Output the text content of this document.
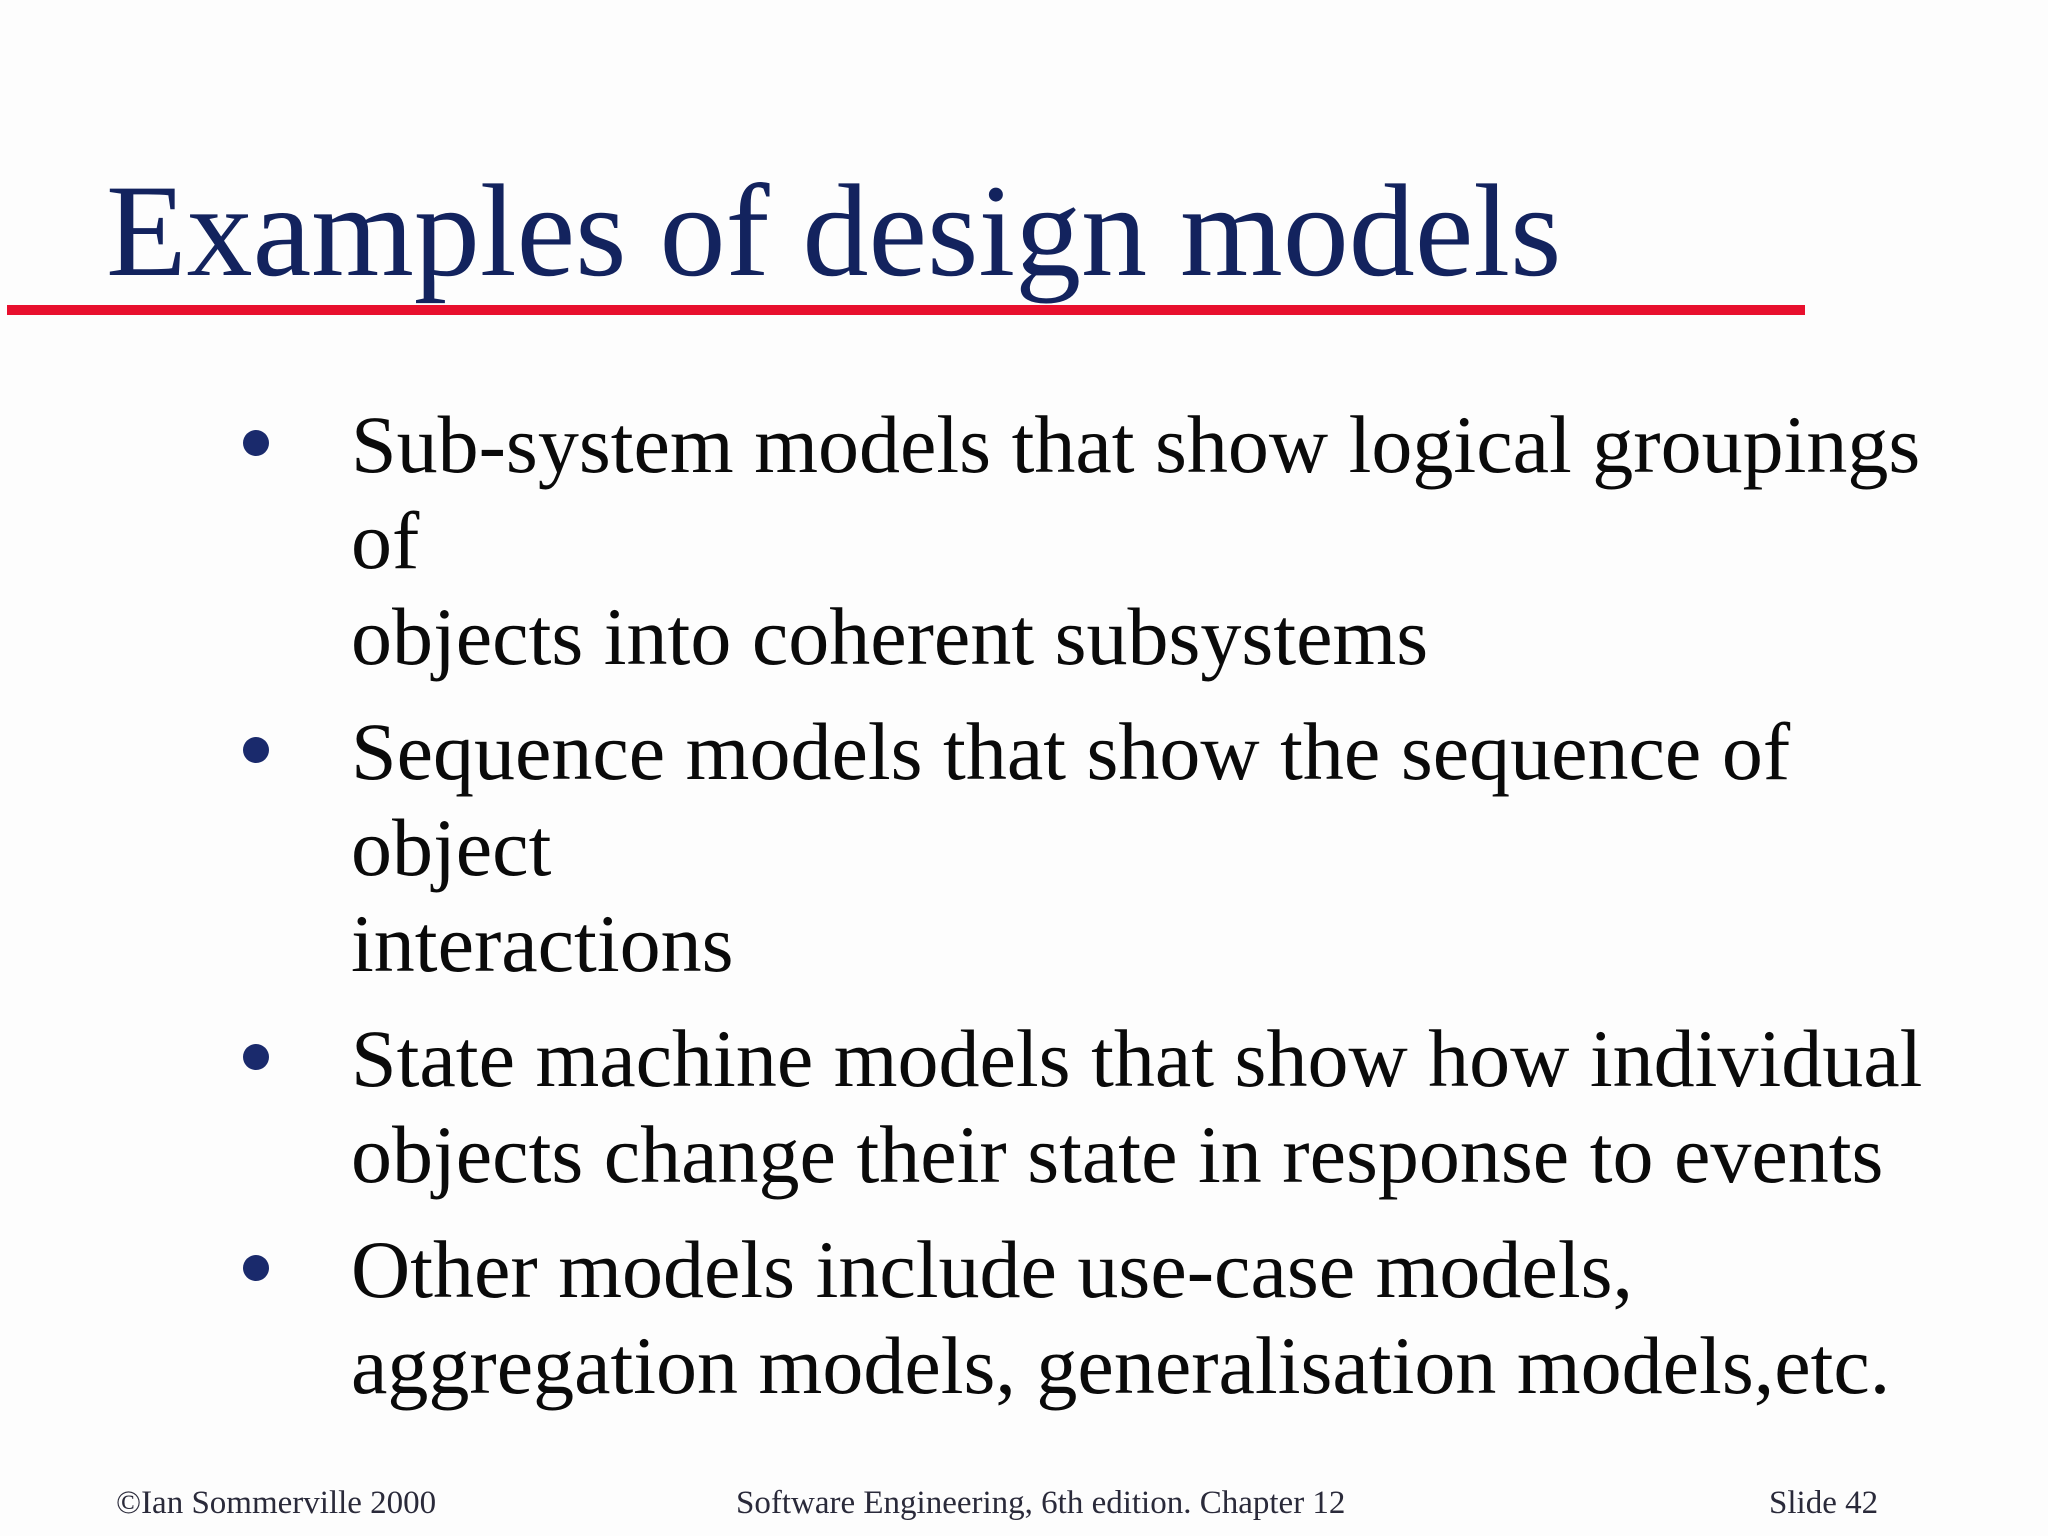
Examples of design models
Sub-system models that show logical groupings of
objects into coherent subsystems
Sequence models that show the sequence of object
interactions
State machine models that show how individual
objects change their state in response to events
Other models include use-case models,
aggregation models, generalisation models,etc.
©Ian Sommerville 2000	Software Engineering, 6th edition. Chapter 12	Slide 42
